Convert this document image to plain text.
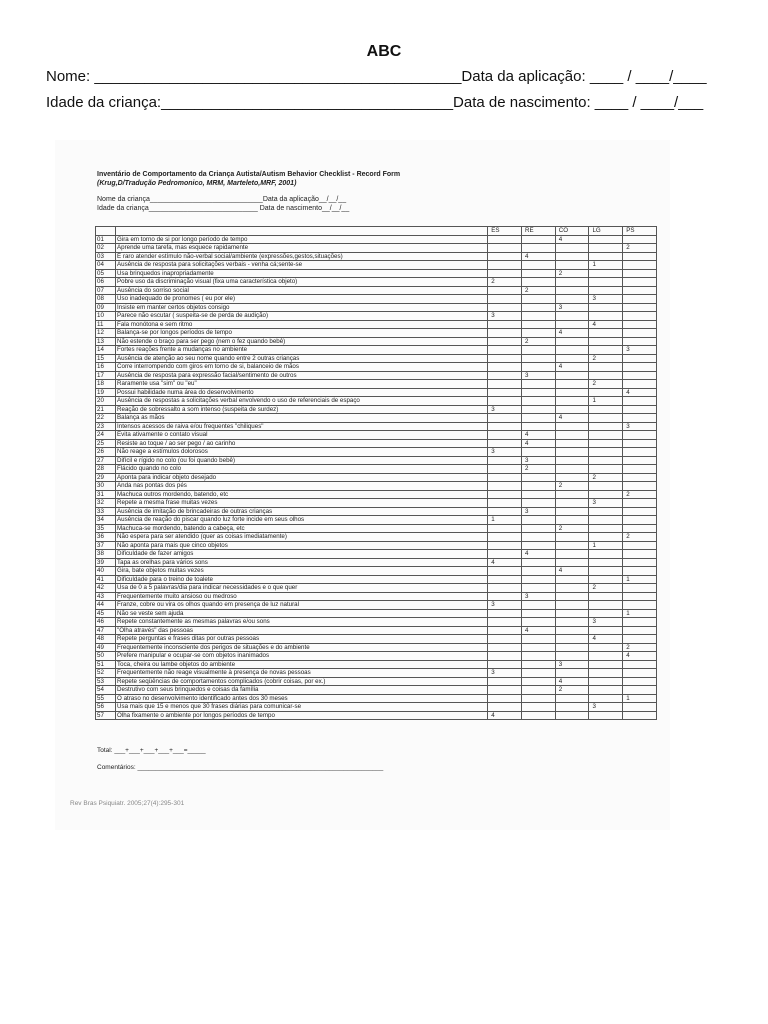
ABC
Nome: ____________________________________________Data da aplicação: ____ / ____/____
Idade da criança:___________________________________Data de nascimento: ____ / ____/___
Inventário de Comportamento da Criança Autista/Autism Behavior Checklist - Record Form
(Krug,D/Tradução Pedromonico, MRM, Marteleto,MRF, 2001)
Nome da criança_____________________________Data da aplicação__/__/__
Idade da criança____________________________ Data de nascimento__/__/__
		ES	RE	CO	LG	PS
01	Gira em torno de si por longo período de tempo			4		
02	Aprende uma tarefa, mas esquece rapidamente					2
03	É raro atender estímulo não-verbal social/ambiente (expressões,gestos,situações)		4			
04	Ausência de resposta para solicitações verbais - venha cá;sente-se				1	
05	Usa brinquedos inapropriadamente			2		
06	Pobre uso da discriminação visual (fixa uma característica objeto)	2				
07	Ausência do sorriso social		2			
08	Uso inadequado de pronomes ( eu por ele)				3	
09	Insiste em manter certos objetos consigo			3		
10	Parece não escutar ( suspeita-se de perda de audição)	3				
11	Fala monótona e sem ritmo				4	
12	Balança-se por longos períodos de tempo			4		
13	Não estende o braço para ser pego (nem o fez quando bebê)		2			
14	Fortes reações frente a mudanças no ambiente					3
15	Ausência de atenção ao seu nome quando entre 2 outras crianças				2	
16	Corre interrompendo com giros em torno de si, balanceio de mãos			4		
17	Ausência de resposta para expressão facial/sentimento de outros		3			
18	Raramente usa "sim" ou "eu"				2	
19	Possui habilidade numa área do desenvolvimento					4
20	Ausência de respostas a solicitações verbal envolvendo o uso de referenciais de espaço				1	
21	Reação de sobressalto a som intenso (suspeita de surdez)	3				
22	Balança as mãos			4		
23	Intensos acessos de raiva e/ou frequentes "chiliques"					3
24	Evita ativamente o contato visual		4			
25	Resiste ao toque / ao ser pego / ao carinho		4			
26	Não reage a estímulos dolorosos	3				
27	Difícil e rígido no colo (ou foi quando bebê)		3			
28	Flácido quando no colo		2			
29	Aponta para indicar objeto desejado				2	
30	Anda nas pontas dos pés			2		
31	Machuca outros mordendo, batendo, etc					2
32	Repete a mesma frase muitas vezes				3	
33	Ausência de imitação de brincadeiras de outras crianças		3			
34	Ausência de reação do piscar quando luz forte incide em seus olhos	1				
35	Machuca-se mordendo, batendo a cabeça, etc			2		
36	Não espera para ser atendido (quer as coisas imediatamente)					2
37	Não aponta para mais que cinco objetos				1	
38	Dificuldade de fazer amigos		4			
39	Tapa as orelhas para vários sons	4				
40	Gira, bate objetos muitas vezes			4		
41	Dificuldade para o treino de toalete					1
42	Usa de 0 a 5 palavras/dia para indicar necessidades e o que quer				2	
43	Frequentemente muito ansioso ou medroso		3			
44	Franze, cobre ou vira os olhos quando em presença de luz natural	3				
45	Não se veste sem ajuda					1
46	Repete constantemente as mesmas palavras e/ou sons				3	
47	"Olha através" das pessoas		4			
48	Repete perguntas e frases ditas por outras pessoas				4	
49	Frequentemente inconsciente dos perigos de situações e do ambiente					2
50	Prefere manipular e ocupar-se com objetos inanimados					4
51	Toca, cheira ou lambe objetos do ambiente			3		
52	Frequentemente não reage visualmente à presença de novas pessoas	3				
53	Repete seqüências de comportamentos complicados (cobrir coisas, por ex.)			4		
54	Destrutivo com seus brinquedos e coisas da família			2		
55	O atraso no desenvolvimento identificado antes dos 30 meses					1
56	Usa mais que 15 e menos que 30 frases diárias para comunicar-se				3	
57	Olha fixamente o ambiente por longos períodos de tempo	4				
Total: ___+___+___+___+___=_____
Comentários: ____________________________________________________________________
Rev Bras Psiquiatr. 2005;27(4):295-301
